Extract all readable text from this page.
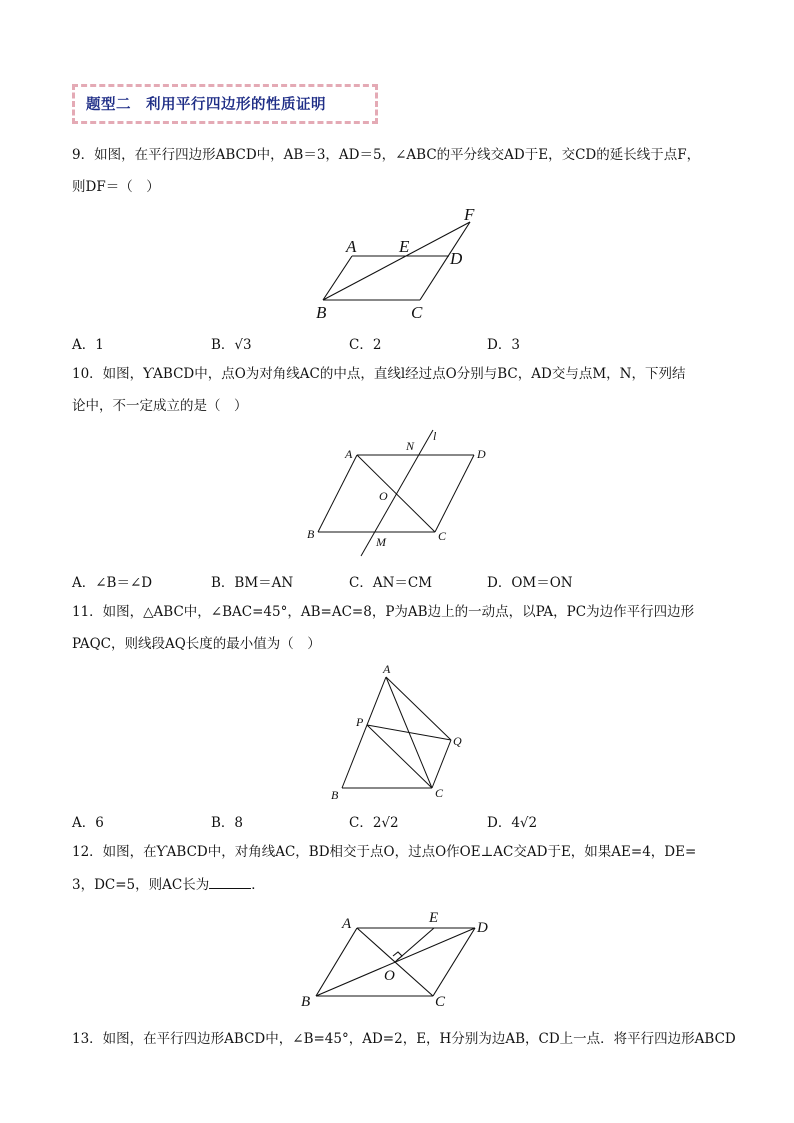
题型二　利用平行四边形的性质证明
9．如图，在平行四边形ABCD中，AB＝3，AD＝5，∠ABC的平分线交AD于E，交CD的延长线于点F，
则DF＝（　）
A	E
D
F
B	C
A．1	B．√3	C．2	D．3
10．如图，ƳABCD中，点O为对角线AC的中点，直线l经过点O分别与BC，AD交与点M，N，下列结
论中，不一定成立的是（　）
A
N
l
D
O
B
M	C
A．∠B＝∠D	B．BM＝AN	C．AN＝CM	D．OM＝ON
11．如图，△ABC中，∠BAC=45°，AB=AC=8，P为AB边上的一动点，以PA，PC为边作平行四边形
PAQC，则线段AQ长度的最小值为（　）
A
P
Q
B	C
A．6	B．8	C．2√2	D．4√2
12．如图，在ƳABCD中，对角线AC，BD相交于点O，过点O作OE⊥AC交AD于E，如果AE=4，DE=
3，DC=5，则AC长为	．
A	E
D
O
B	C
13．如图，在平行四边形ABCD中，∠B=45°，AD=2，E，H分别为边AB，CD上一点．将平行四边形ABCD
